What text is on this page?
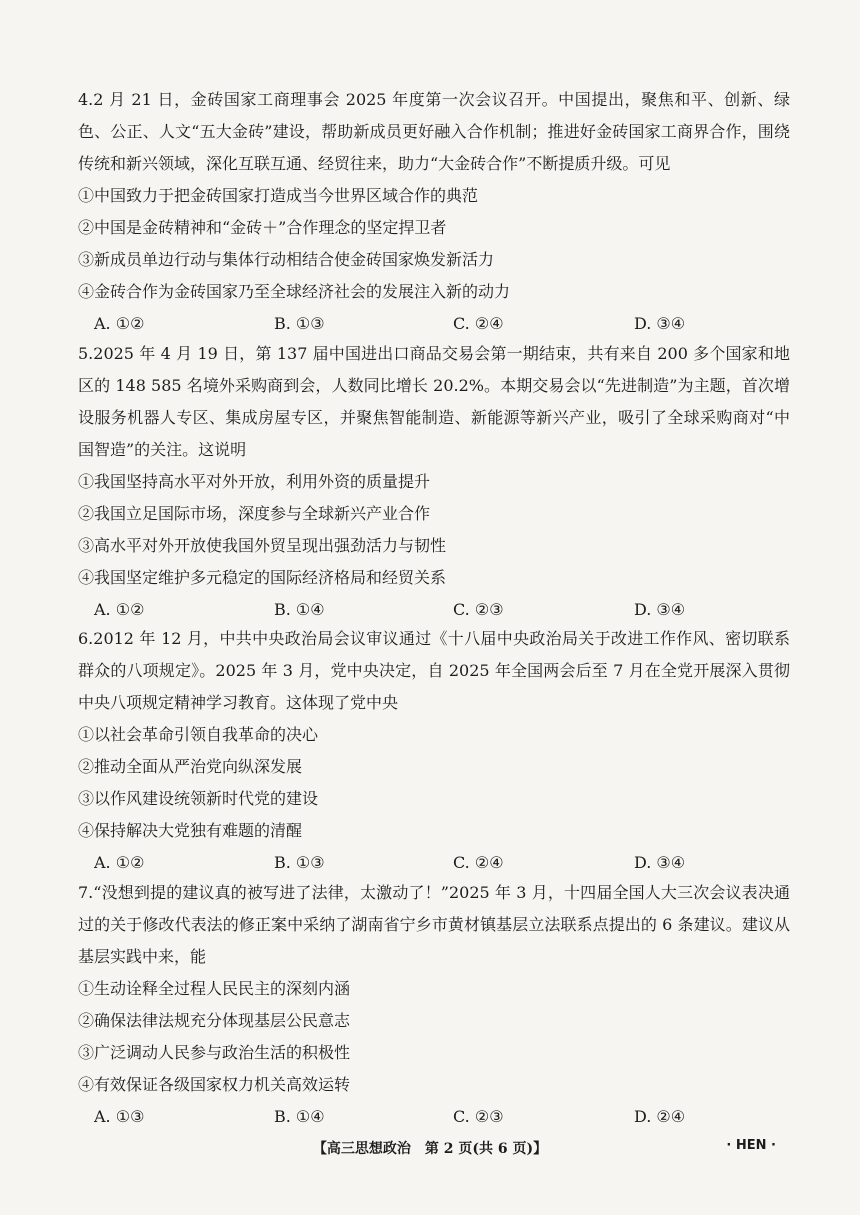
4.2 月 21 日，金砖国家工商理事会 2025 年度第一次会议召开。中国提出，聚焦和平、创新、绿色、公正、人文“五大金砖”建设，帮助新成员更好融入合作机制；推进好金砖国家工商界合作，围绕传统和新兴领域，深化互联互通、经贸往来，助力“大金砖合作”不断提质升级。可见

①中国致力于把金砖国家打造成当今世界区域合作的典范

②中国是金砖精神和“金砖＋”合作理念的坚定捍卫者

③新成员单边行动与集体行动相结合使金砖国家焕发新活力

④金砖合作为金砖国家乃至全球经济社会的发展注入新的动力

A. ①②	B. ①③	C. ②④	D. ③④

5.2025 年 4 月 19 日，第 137 届中国进出口商品交易会第一期结束，共有来自 200 多个国家和地区的 148 585 名境外采购商到会，人数同比增长 20.2%。本期交易会以“先进制造”为主题，首次增设服务机器人专区、集成房屋专区，并聚焦智能制造、新能源等新兴产业，吸引了全球采购商对“中国智造”的关注。这说明

①我国坚持高水平对外开放，利用外资的质量提升

②我国立足国际市场，深度参与全球新兴产业合作

③高水平对外开放使我国外贸呈现出强劲活力与韧性

④我国坚定维护多元稳定的国际经济格局和经贸关系

A. ①②	B. ①④	C. ②③	D. ③④

6.2012 年 12 月，中共中央政治局会议审议通过《十八届中央政治局关于改进工作作风、密切联系群众的八项规定》。2025 年 3 月，党中央决定，自 2025 年全国两会后至 7 月在全党开展深入贯彻中央八项规定精神学习教育。这体现了党中央

①以社会革命引领自我革命的决心

②推动全面从严治党向纵深发展

③以作风建设统领新时代党的建设

④保持解决大党独有难题的清醒

A. ①②	B. ①③	C. ②④	D. ③④

7.“没想到提的建议真的被写进了法律，太激动了！”2025 年 3 月，十四届全国人大三次会议表决通过的关于修改代表法的修正案中采纳了湖南省宁乡市黄材镇基层立法联系点提出的 6 条建议。建议从基层实践中来，能

①生动诠释全过程人民民主的深刻内涵

②确保法律法规充分体现基层公民意志

③广泛调动人民参与政治生活的积极性

④有效保证各级国家权力机关高效运转

A. ①③	B. ①④	C. ②③	D. ②④
【高三思想政治　第 2 页(共 6 页)】	· HEN ·
